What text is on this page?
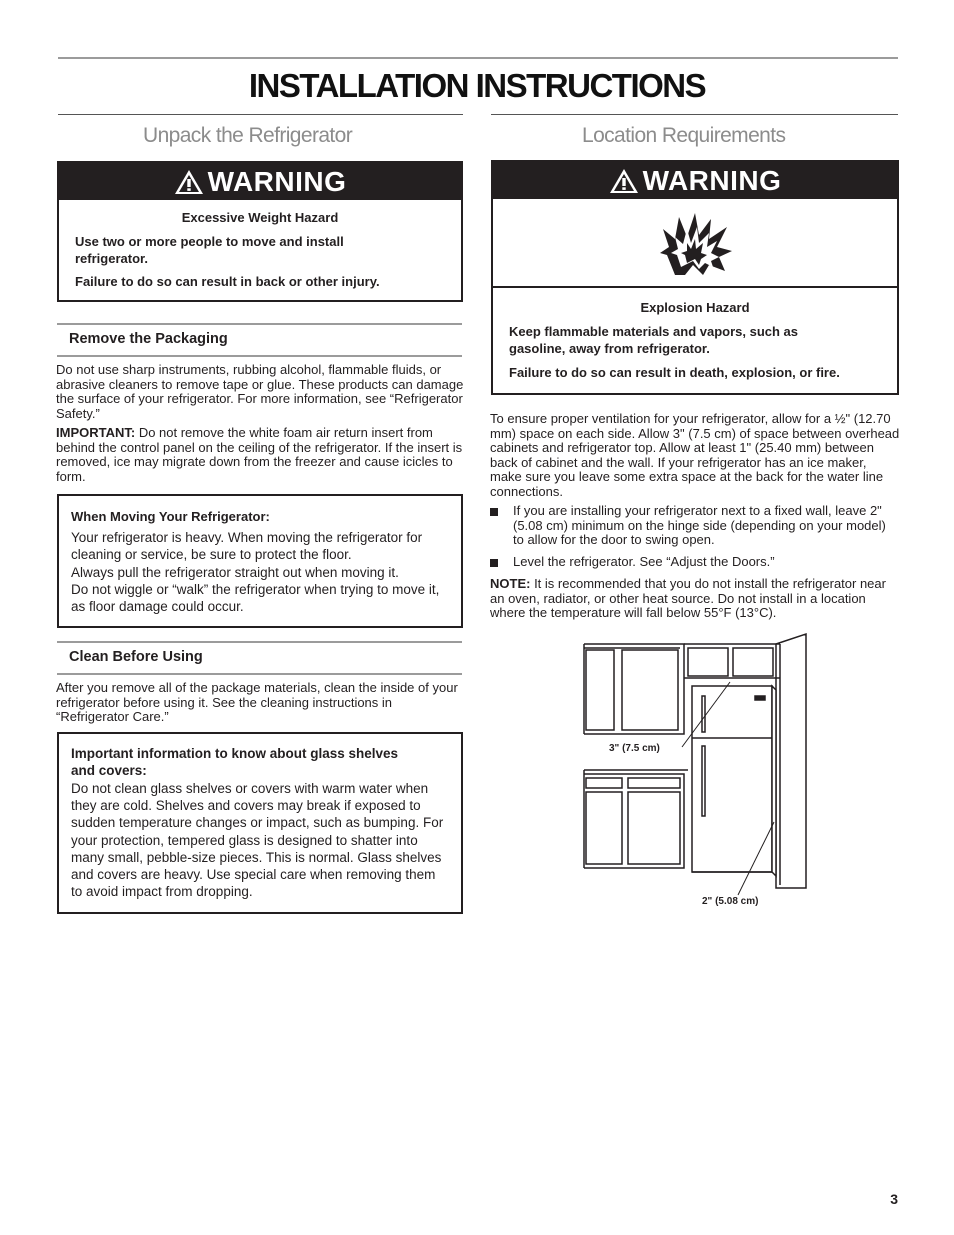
INSTALLATION INSTRUCTIONS
Unpack the Refrigerator
WARNING
Excessive Weight Hazard
Use two or more people to move and install refrigerator.
Failure to do so can result in back or other injury.
Remove the Packaging
Do not use sharp instruments, rubbing alcohol, flammable fluids, or abrasive cleaners to remove tape or glue. These products can damage the surface of your refrigerator. For more information, see “Refrigerator Safety.”
IMPORTANT: Do not remove the white foam air return insert from behind the control panel on the ceiling of the refrigerator. If the insert is removed, ice may migrate down from the freezer and cause icicles to form.
When Moving Your Refrigerator:
Your refrigerator is heavy. When moving the refrigerator for cleaning or service, be sure to protect the floor.
Always pull the refrigerator straight out when moving it.
Do not wiggle or “walk” the refrigerator when trying to move it, as floor damage could occur.
Clean Before Using
After you remove all of the package materials, clean the inside of your refrigerator before using it. See the cleaning instructions in “Refrigerator Care.”
Important information to know about glass shelves and covers:
Do not clean glass shelves or covers with warm water when they are cold. Shelves and covers may break if exposed to sudden temperature changes or impact, such as bumping. For your protection, tempered glass is designed to shatter into many small, pebble-size pieces. This is normal. Glass shelves and covers are heavy. Use special care when removing them to avoid impact from dropping.
Location Requirements
WARNING
Explosion Hazard
Keep flammable materials and vapors, such as gasoline, away from refrigerator.
Failure to do so can result in death, explosion, or fire.
To ensure proper ventilation for your refrigerator, allow for a ½" (12.70 mm) space on each side. Allow 3" (7.5 cm) of space between overhead cabinets and refrigerator top. Allow at least 1" (25.40 mm) between back of cabinet and the wall. If your refrigerator has an ice maker, make sure you leave some extra space at the back for the water line connections.
If you are installing your refrigerator next to a fixed wall, leave 2" (5.08 cm) minimum on the hinge side (depending on your model) to allow for the door to swing open.
Level the refrigerator. See “Adjust the Doors.”
NOTE: It is recommended that you do not install the refrigerator near an oven, radiator, or other heat source. Do not install in a location where the temperature will fall below 55°F (13°C).
3" (7.5 cm)
2" (5.08 cm)
3
